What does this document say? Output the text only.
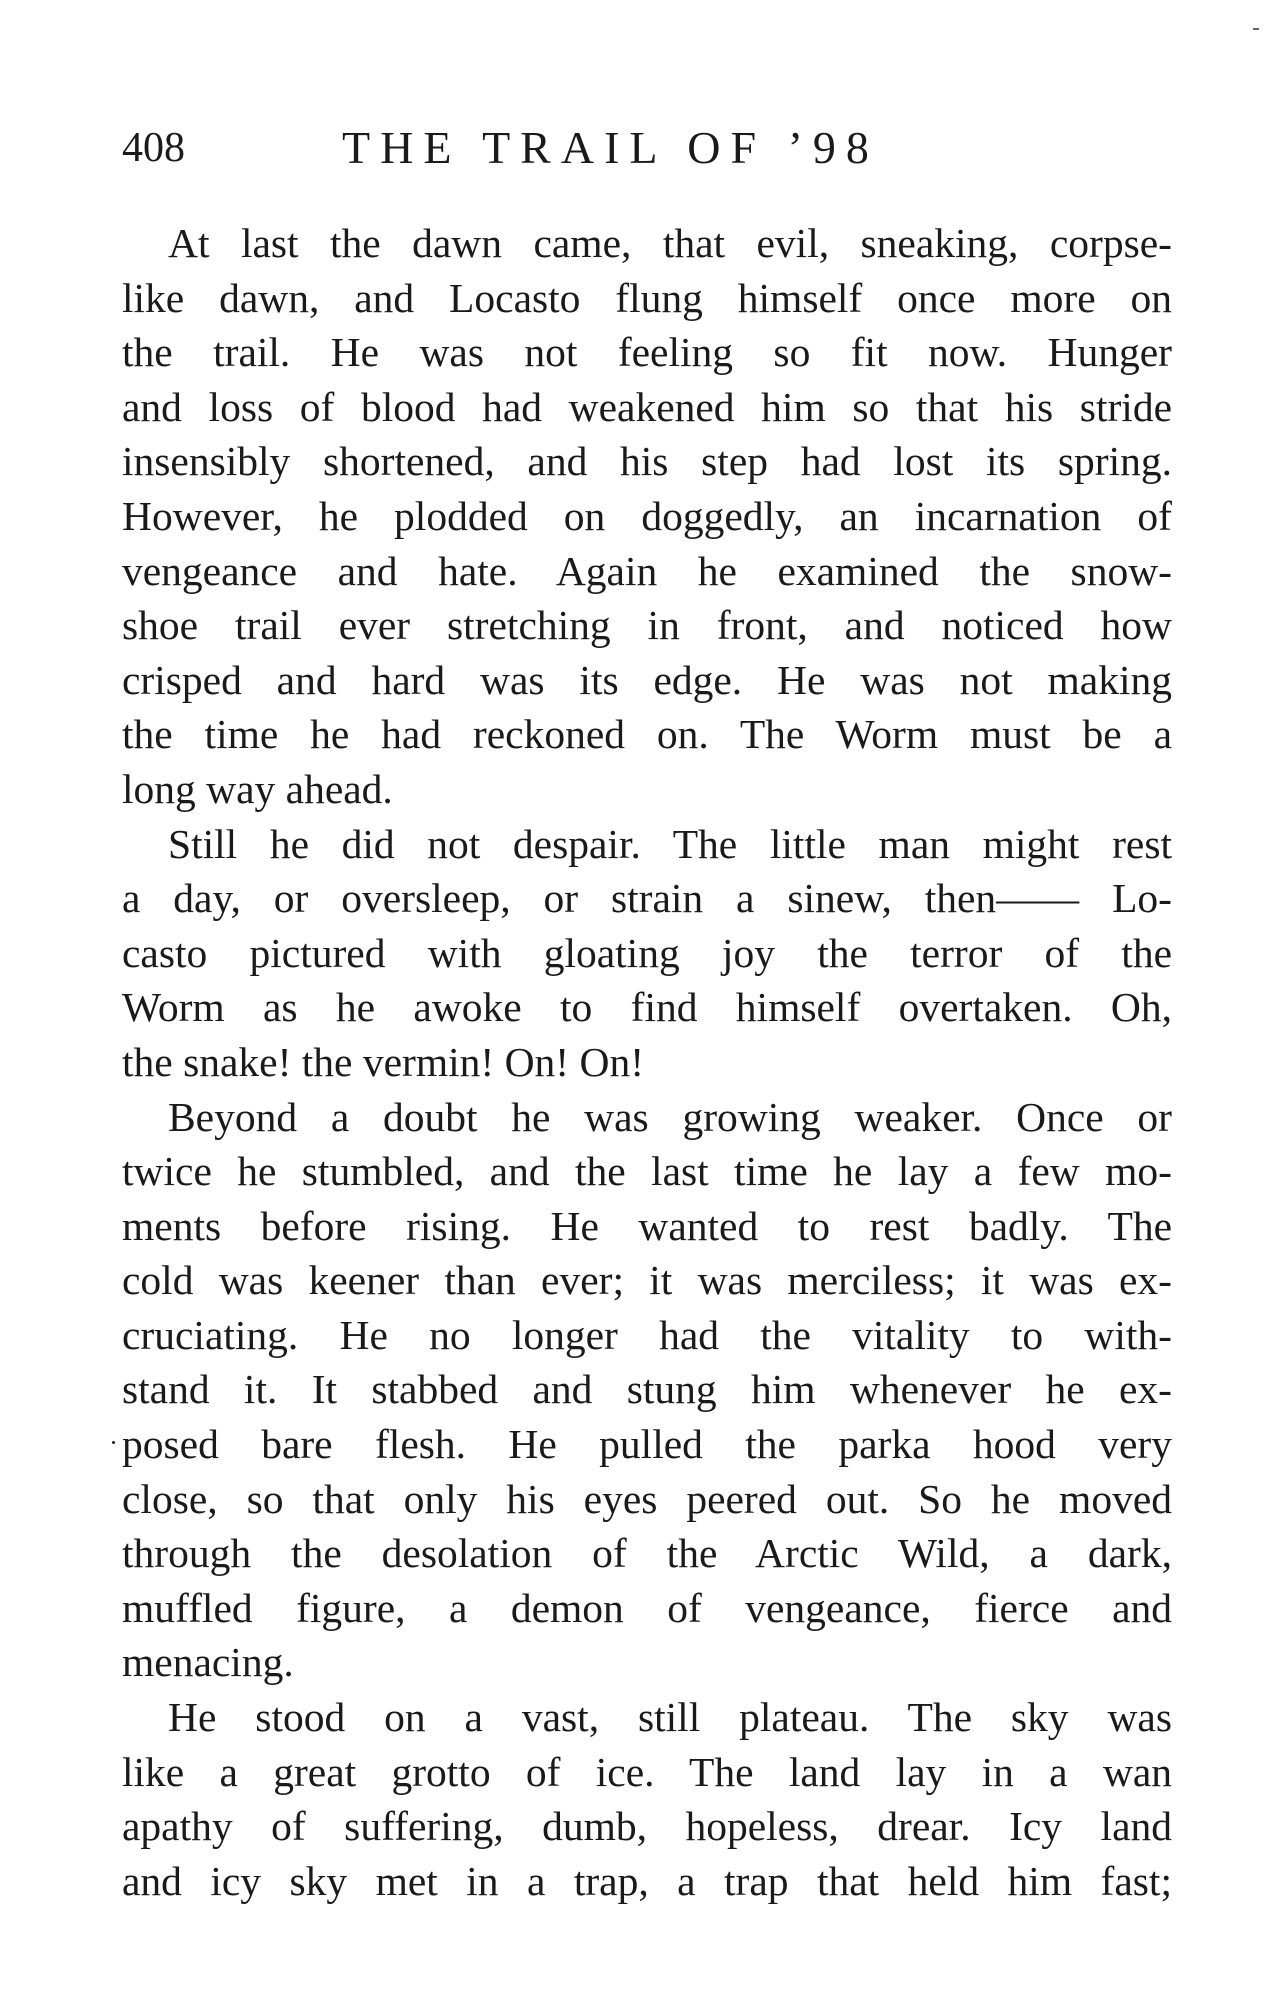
408	THE TRAIL OF ’98
At last the dawn came, that evil, sneaking, corpse-
like dawn, and Locasto flung himself once more on
the trail. He was not feeling so fit now. Hunger
and loss of blood had weakened him so that his stride
insensibly shortened, and his step had lost its spring.
However, he plodded on doggedly, an incarnation of
vengeance and hate. Again he examined the snow-
shoe trail ever stretching in front, and noticed how
crisped and hard was its edge. He was not making
the time he had reckoned on. The Worm must be a
long way ahead.
Still he did not despair. The little man might rest
a day, or oversleep, or strain a sinew, then—— Lo-
casto pictured with gloating joy the terror of the
Worm as he awoke to find himself overtaken. Oh,
the snake! the vermin! On! On!
Beyond a doubt he was growing weaker. Once or
twice he stumbled, and the last time he lay a few mo-
ments before rising. He wanted to rest badly. The
cold was keener than ever; it was merciless; it was ex-
cruciating. He no longer had the vitality to with-
stand it. It stabbed and stung him whenever he ex-
posed bare flesh. He pulled the parka hood very
close, so that only his eyes peered out. So he moved
through the desolation of the Arctic Wild, a dark,
muffled figure, a demon of vengeance, fierce and
menacing.
He stood on a vast, still plateau. The sky was
like a great grotto of ice. The land lay in a wan
apathy of suffering, dumb, hopeless, drear. Icy land
and icy sky met in a trap, a trap that held him fast;
